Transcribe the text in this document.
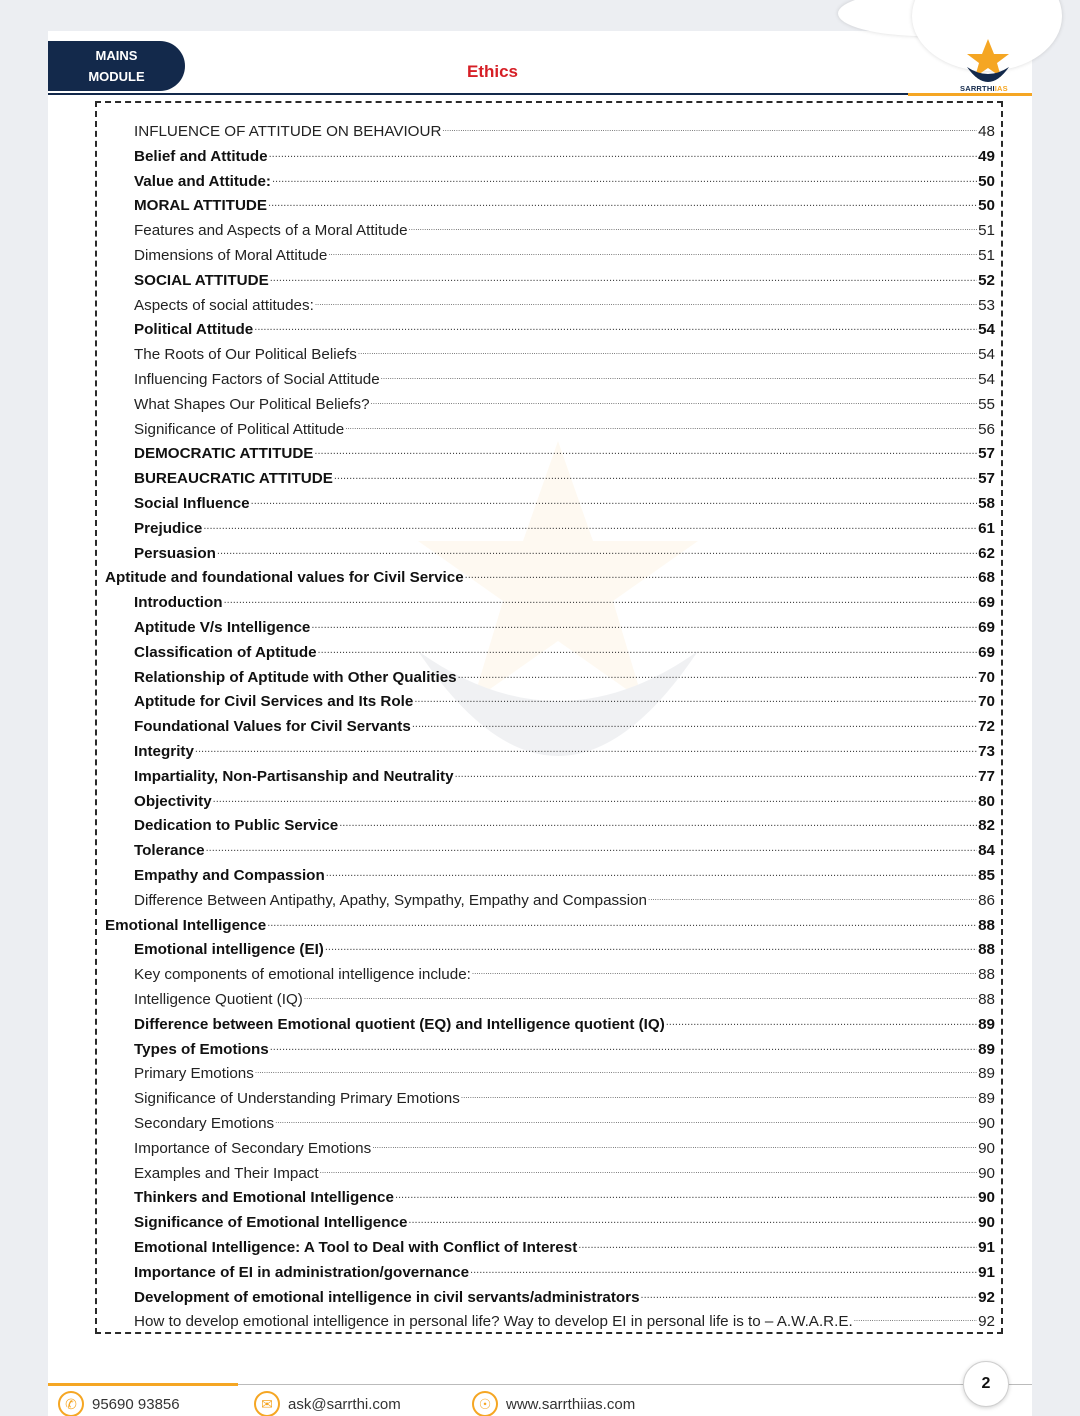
MAINS
MODULE	Ethics
SARRTHIIAS
INFLUENCE OF ATTITUDE ON BEHAVIOUR .....	48
Belief and Attitude .....	49
Value and Attitude: .....	50
MORAL ATTITUDE .....	50
Features and Aspects of a Moral Attitude .....	51
Dimensions of Moral Attitude .....	51
SOCIAL ATTITUDE .....	52
Aspects of social attitudes: .....	53
Political Attitude .....	54
The Roots of Our Political Beliefs .....	54
Influencing Factors of Social Attitude .....	54
What Shapes Our Political Beliefs? .....	55
Significance of Political Attitude .....	56
DEMOCRATIC ATTITUDE .....	57
BUREAUCRATIC ATTITUDE .....	57
Social Influence .....	58
Prejudice .....	61
Persuasion .....	62
Aptitude and foundational values for Civil Service .....	68
Introduction .....	69
Aptitude V/s Intelligence .....	69
Classification of Aptitude .....	69
Relationship of Aptitude with Other Qualities .....	70
Aptitude for Civil Services and Its Role .....	70
Foundational Values for Civil Servants .....	72
Integrity .....	73
Impartiality, Non-Partisanship and Neutrality .....	77
Objectivity .....	80
Dedication to Public Service .....	82
Tolerance .....	84
Empathy and Compassion .....	85
Difference Between Antipathy, Apathy, Sympathy, Empathy and Compassion .....	86
Emotional Intelligence .....	88
Emotional intelligence (EI) .....	88
Key components of emotional intelligence include: .....	88
Intelligence Quotient (IQ) .....	88
Difference between Emotional quotient (EQ) and Intelligence quotient (IQ) .....	89
Types of Emotions .....	89
Primary Emotions .....	89
Significance of Understanding Primary Emotions .....	89
Secondary Emotions .....	90
Importance of Secondary Emotions .....	90
Examples and Their Impact .....	90
Thinkers and Emotional Intelligence .....	90
Significance of Emotional Intelligence .....	90
Emotional Intelligence: A Tool to Deal with Conflict of Interest .....	91
Importance of EI in administration/governance .....	91
Development of emotional intelligence in civil servants/administrators .....	92
How to develop emotional intelligence in personal life? Way to develop EI in personal life is to – A.W.A.R.E. .....	92
✆	95690 93856	✉	ask@sarrthi.com	☉ www.sarrthiias.com
2
